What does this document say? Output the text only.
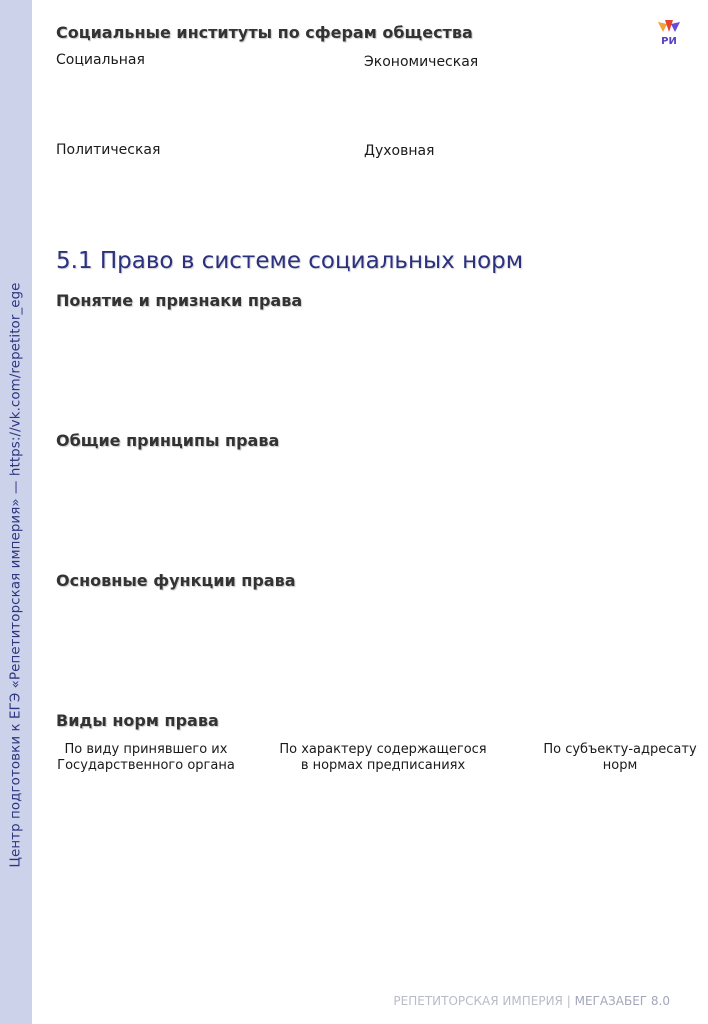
Центр подготовки к ЕГЭ «Репетиторская империя» — https://vk.com/repetitor_ege
РИ
Социальные институты по сферам общества
Социальная	Экономическая
Политическая	Духовная
5.1 Право в системе социальных норм
Понятие и признаки права
Общие принципы права
Основные функции права
Виды норм права
По виду принявшего их
Государственного органа
По характеру содержащегося
в нормах предписаниях
По субъекту-адресату
норм
РЕПЕТИТОРСКАЯ ИМПЕРИЯ | МЕГАЗАБЕГ 8.0
